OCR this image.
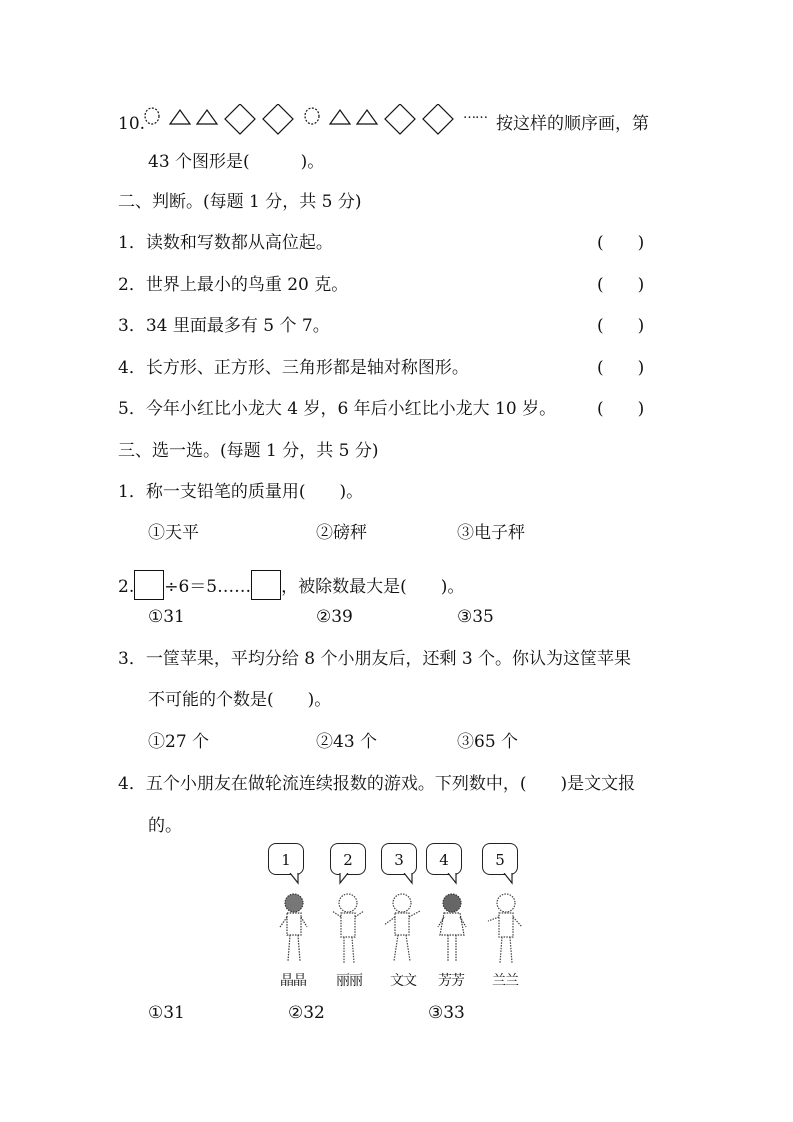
10.	…… 按这样的顺序画，第
43 个图形是(　　　)。
二、判断。(每题 1 分，共 5 分)
1．读数和写数都从高位起。	(　　)
2．世界上最小的鸟重 20 克。	(　　)
3．34 里面最多有 5 个 7。	(　　)
4．长方形、正方形、三角形都是轴对称图形。	(　　)
5．今年小红比小龙大 4 岁，6 年后小红比小龙大 10 岁。 (　　)
三、选一选。(每题 1 分，共 5 分)
1．称一支铅笔的质量用(　　)。
①天平	②磅秤	③电子秤
2. ÷6＝5…… ，被除数最大是(　　)。
①31	②39	③35
3．一筐苹果，平均分给 8 个小朋友后，还剩 3 个。你认为这筐苹果
不可能的个数是(　　)。
①27 个	②43 个	③65 个
4．五个小朋友在做轮流连续报数的游戏。下列数中，(　　)是文文报
的。
1
晶晶
2
丽丽
3
文文
4
芳芳
5
兰兰
①31	②32	③33
